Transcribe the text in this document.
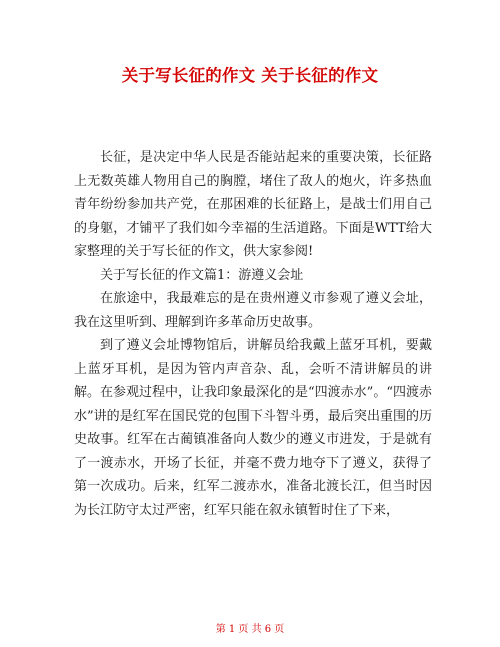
关于写长征的作文 关于长征的作文

长征，是决定中华人民是否能站起来的重要决策，长征路上无数英雄人物用自己的胸膛，堵住了敌人的炮火，许多热血青年纷纷参加共产党，在那困难的长征路上，是战士们用自己的身躯，才铺平了我们如今幸福的生活道路。下面是WTT给大家整理的关于写长征的作文，供大家参阅!

关于写长征的作文篇1：游遵义会址

在旅途中，我最难忘的是在贵州遵义市参观了遵义会址，我在这里听到、理解到许多革命历史故事。

到了遵义会址博物馆后，讲解员给我戴上蓝牙耳机，要戴上蓝牙耳机，是因为管内声音杂、乱，会听不清讲解员的讲解。在参观过程中，让我印象最深化的是“四渡赤水”。“四渡赤水”讲的是红军在国民党的包围下斗智斗勇，最后突出重围的历史故事。红军在古蔺镇准备向人数少的遵义市进发，于是就有了一渡赤水，开场了长征，并毫不费力地夺下了遵义，获得了第一次成功。后来，红军二渡赤水，准备北渡长江，但当时因为长江防守太过严密，红军只能在叙永镇暂时住了下来，

第 1 页 共 6 页
